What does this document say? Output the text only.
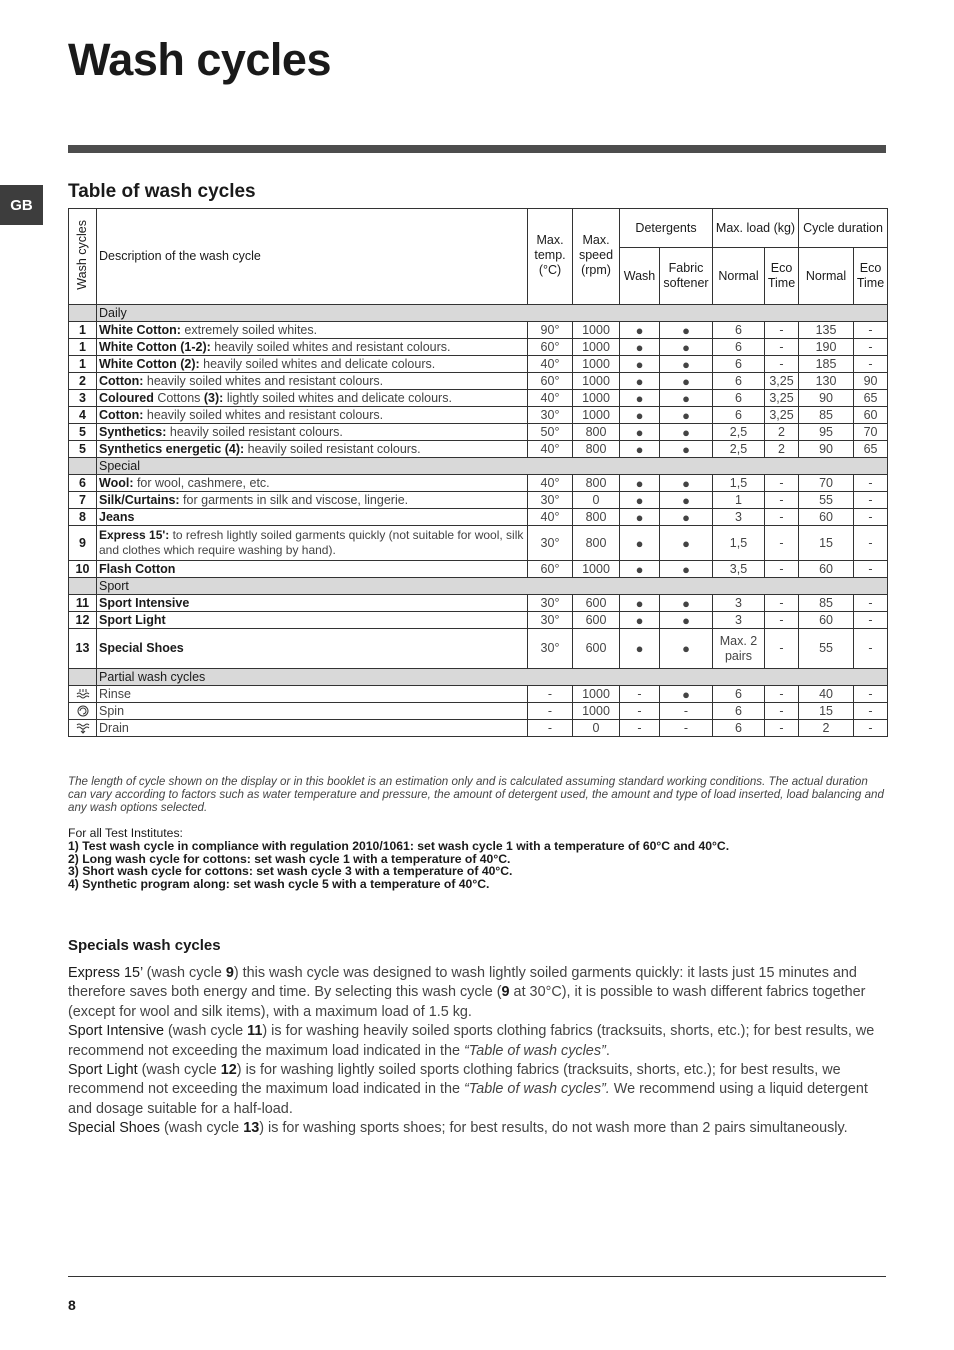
Wash cycles
GB
Table of wash cycles
Wash cycles	Description of the wash cycle	Max. temp. (°C)	Max. speed (rpm)	Detergents		Max. load (kg)		Cycle duration	
				Wash	Fabric softener	Normal	Eco Time	Normal	Eco Time
	Daily								
1	White Cotton: extremely soiled whites.	90°	1000	●	●	6	-	135	-
1	White Cotton (1-2): heavily soiled whites and resistant colours.	60°	1000	●	●	6	-	190	-
1	White Cotton (2): heavily soiled whites and delicate colours.	40°	1000	●	●	6	-	185	-
2	Cotton: heavily soiled whites and resistant colours.	60°	1000	●	●	6	3,25	130	90
3	Coloured Cottons (3): lightly soiled whites and delicate colours.	40°	1000	●	●	6	3,25	90	65
4	Cotton: heavily soiled whites and resistant colours.	30°	1000	●	●	6	3,25	85	60
5	Synthetics: heavily soiled resistant colours.	50°	800	●	●	2,5	2	95	70
5	Synthetics energetic (4): heavily soiled resistant colours.	40°	800	●	●	2,5	2	90	65
	Special								
6	Wool: for wool, cashmere, etc.	40°	800	●	●	1,5	-	70	-
7	Silk/Curtains: for garments in silk and viscose, lingerie.	30°	0	●	●	1	-	55	-
8	Jeans	40°	800	●	●	3	-	60	-
9	Express 15': to refresh lightly soiled garments quickly (not suitable for wool, silk and clothes which require washing by hand).	30°	800	●	●	1,5	-	15	-
10	Flash Cotton	60°	1000	●	●	3,5	-	60	-
	Sport								
11	Sport Intensive	30°	600	●	●	3	-	85	-
12	Sport Light	30°	600	●	●	3	-	60	-
13	Special Shoes	30°	600	●	●	Max. 2 pairs	-	55	-
	Partial wash cycles								

	Rinse	-	1000	-	●	6	-	40	-

	Spin	-	1000	-	-	6	-	15	-

	Drain	-	0	-	-	6	-	2	-

The length of cycle shown on the display or in this booklet is an estimation only and is calculated assuming standard working conditions. The actual duration can vary according to factors such as water temperature and pressure, the amount of detergent used, the amount and type of load inserted, load balancing and any wash options selected.

For all Test Institutes:

1) Test wash cycle in compliance with regulation 2010/1061: set wash cycle 1 with a temperature of 60°C and 40°C.

2) Long wash cycle for cottons: set wash cycle 1 with a temperature of 40°C.

3) Short wash cycle for cottons: set wash cycle 3 with a temperature of 40°C.

4) Synthetic program along: set wash cycle 5 with a temperature of 40°C.

Specials wash cycles

Express 15’ (wash cycle 9) this wash cycle was designed to wash lightly soiled garments quickly: it lasts just 15 minutes and therefore saves both energy and time. By selecting this wash cycle (9 at 30°C), it is possible to wash different fabrics together (except for wool and silk items), with a maximum load of 1.5 kg.

Sport Intensive (wash cycle 11) is for washing heavily soiled sports clothing fabrics (tracksuits, shorts, etc.); for best results, we recommend not exceeding the maximum load indicated in the “Table of wash cycles”.

Sport Light (wash cycle 12) is for washing lightly soiled sports clothing fabrics (tracksuits, shorts, etc.); for best results, we recommend not exceeding the maximum load indicated in the “Table of wash cycles”. We recommend using a liquid detergent and dosage suitable for a half-load.

Special Shoes (wash cycle 13) is for washing sports shoes; for best results, do not wash more than 2 pairs simultaneously.

8
